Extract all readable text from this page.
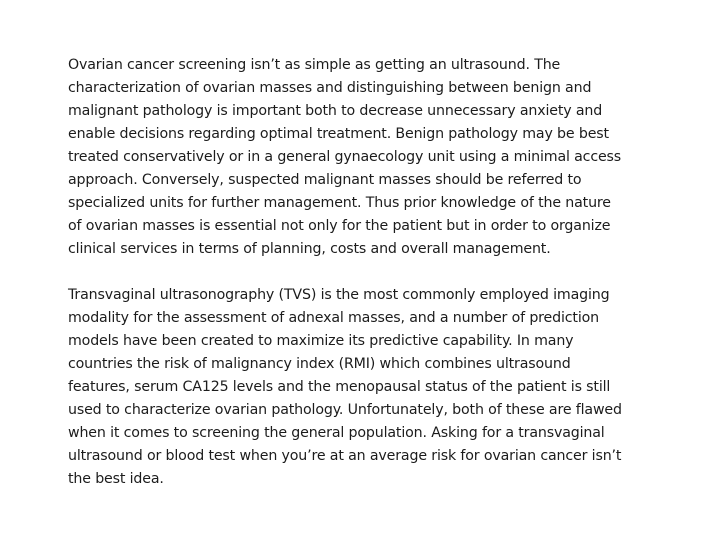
Ovarian cancer screening isn’t as simple as getting an ultrasound. The
characterization of ovarian masses and distinguishing between benign and
malignant pathology is important both to decrease unnecessary anxiety and
enable decisions regarding optimal treatment. Benign pathology may be best
treated conservatively or in a general gynaecology unit using a minimal access
approach. Conversely, suspected malignant masses should be referred to
specialized units for further management. Thus prior knowledge of the nature
of ovarian masses is essential not only for the patient but in order to organize
clinical services in terms of planning, costs and overall management.

Transvaginal ultrasonography (TVS) is the most commonly employed imaging
modality for the assessment of adnexal masses, and a number of prediction
models have been created to maximize its predictive capability. In many
countries the risk of malignancy index (RMI) which combines ultrasound
features, serum CA125 levels and the menopausal status of the patient is still
used to characterize ovarian pathology. Unfortunately, both of these are flawed
when it comes to screening the general population. Asking for a transvaginal
ultrasound or blood test when you’re at an average risk for ovarian cancer isn’t
the best idea.
